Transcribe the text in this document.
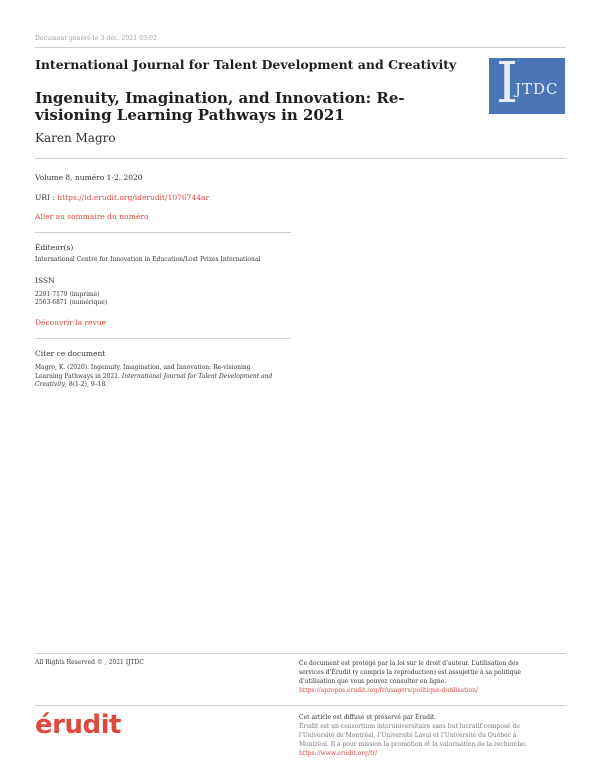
Document généré le 3 déc. 2021 03:02
International Journal for Talent Development and Creativity I
JTDC
Ingenuity, Imagination, and Innovation: Re-visioning Learning Pathways in 2021
Karen Magro
Volume 8, numéro 1-2, 2020
URI : https://id.erudit.org/iderudit/1076744ar
Aller au sommaire du numéro
Éditeur(s)
International Centre for Innovation in Education/Lost Prizes International
ISSN
2291-7179 (imprimé)
2563-6871 (numérique)
Découvrir la revue
Citer ce document
Magro, K. (2020). Ingenuity, Imagination, and Innovation: Re-visioning
Learning Pathways in 2021. International Journal for Talent Development and
Creativity, 8(1-2), 9–18.
All Rights Reserved © , 2021 IJTDC	Ce document est protégé par la loi sur le droit d’auteur. L’utilisation des
services d’Érudit (y compris la reproduction) est assujettie à sa politique
d’utilisation que vous pouvez consulter en ligne.
https://apropos.erudit.org/fr/usagers/politique-dutilisation/
érudit	Cet article est diffusé et préservé par Érudit.
Érudit est un consortium interuniversitaire sans but lucratif composé de
l’Université de Montréal, l’Université Laval et l’Université du Québec à
Montréal. Il a pour mission la promotion et la valorisation de la recherche.
https://www.erudit.org/fr/
